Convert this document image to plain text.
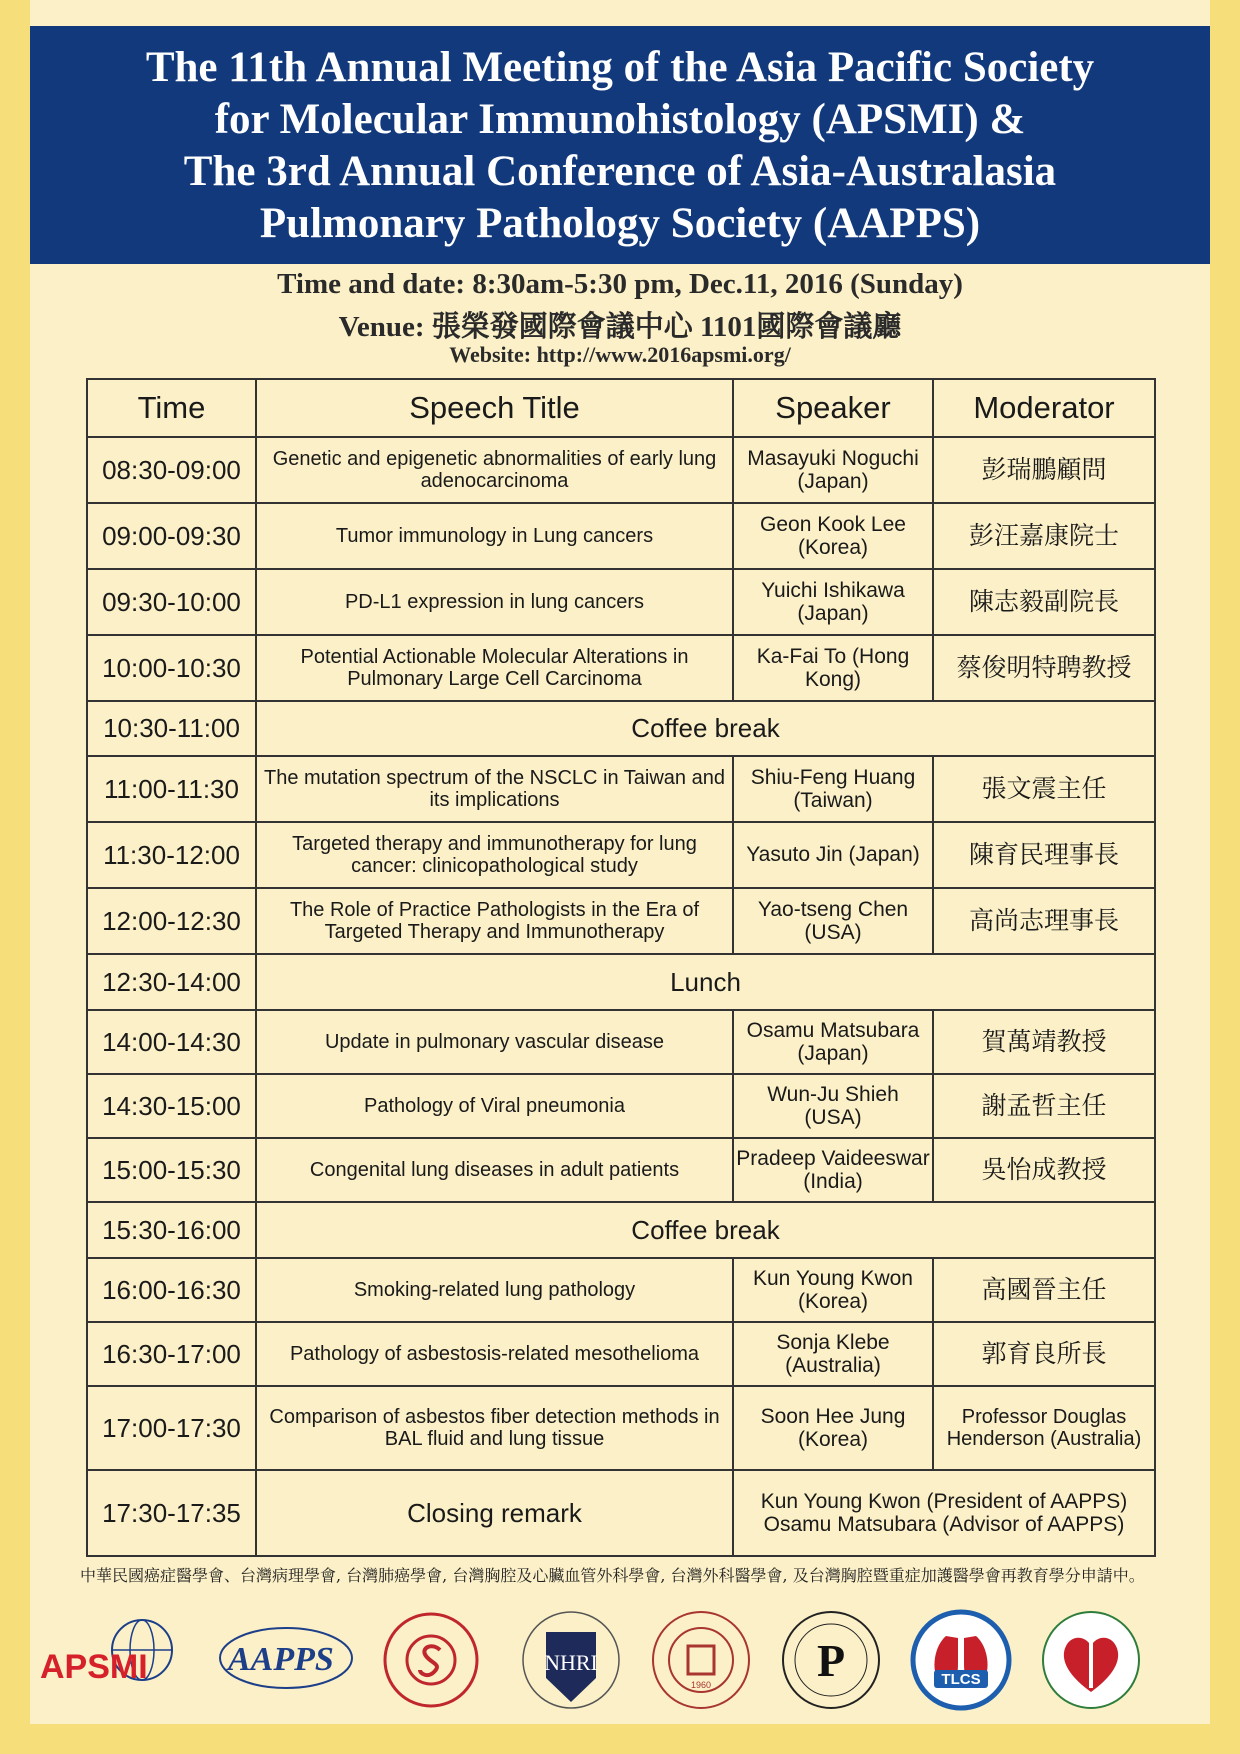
The 11th Annual Meeting of the Asia Pacific Society
for Molecular Immunohistology (APSMI) &
The 3rd Annual Conference of Asia-Australasia
Pulmonary Pathology Society (AAPPS)
Time and date: 8:30am-5:30 pm, Dec.11, 2016 (Sunday)
Venue: 張榮發國際會議中心 1101國際會議廳
Website: http://www.2016apsmi.org/
Time	Speech Title	Speaker	Moderator
08:30-09:00	Genetic and epigenetic abnormalities of early lung adenocarcinoma	Masayuki Noguchi (Japan)	彭瑞鵬顧問
09:00-09:30	Tumor immunology in Lung cancers	Geon Kook Lee (Korea)	彭汪嘉康院士
09:30-10:00	PD-L1 expression in lung cancers	Yuichi Ishikawa (Japan)	陳志毅副院長
10:00-10:30	Potential Actionable Molecular Alterations in Pulmonary Large Cell Carcinoma	Ka-Fai To (Hong Kong)	蔡俊明特聘教授
10:30-11:00	Coffee break		
11:00-11:30	The mutation spectrum of the NSCLC in Taiwan and its implications	Shiu-Feng Huang (Taiwan)	張文震主任
11:30-12:00	Targeted therapy and immunotherapy for lung cancer: clinicopathological study	Yasuto Jin (Japan)	陳育民理事長
12:00-12:30	The Role of Practice Pathologists in the Era of Targeted Therapy and Immunotherapy	Yao-tseng Chen (USA)	高尚志理事長
12:30-14:00	Lunch		
14:00-14:30	Update in pulmonary vascular disease	Osamu Matsubara (Japan)	賀萬靖教授
14:30-15:00	Pathology of Viral pneumonia	Wun-Ju Shieh (USA)	謝孟哲主任
15:00-15:30	Congenital lung diseases in adult patients	Pradeep Vaideeswar (India)	吳怡成教授
15:30-16:00	Coffee break		
16:00-16:30	Smoking-related lung pathology	Kun Young Kwon (Korea)	高國晉主任
16:30-17:00	Pathology of asbestosis-related mesothelioma	Sonja Klebe (Australia)	郭育良所長
17:00-17:30	Comparison of asbestos fiber detection methods in BAL fluid and lung tissue	Soon Hee Jung (Korea)	Professor Douglas Henderson (Australia)
17:30-17:35	Closing remark	Kun Young Kwon (President of AAPPS) Osamu Matsubara (Advisor of AAPPS)	
中華民國癌症醫學會、台灣病理學會, 台灣肺癌學會, 台灣胸腔及心臟血管外科學會, 台灣外科醫學會, 及台灣胸腔暨重症加護醫學會再教育學分申請中。
APSMI AAPPS	NHRI
1960 P	TLCS
